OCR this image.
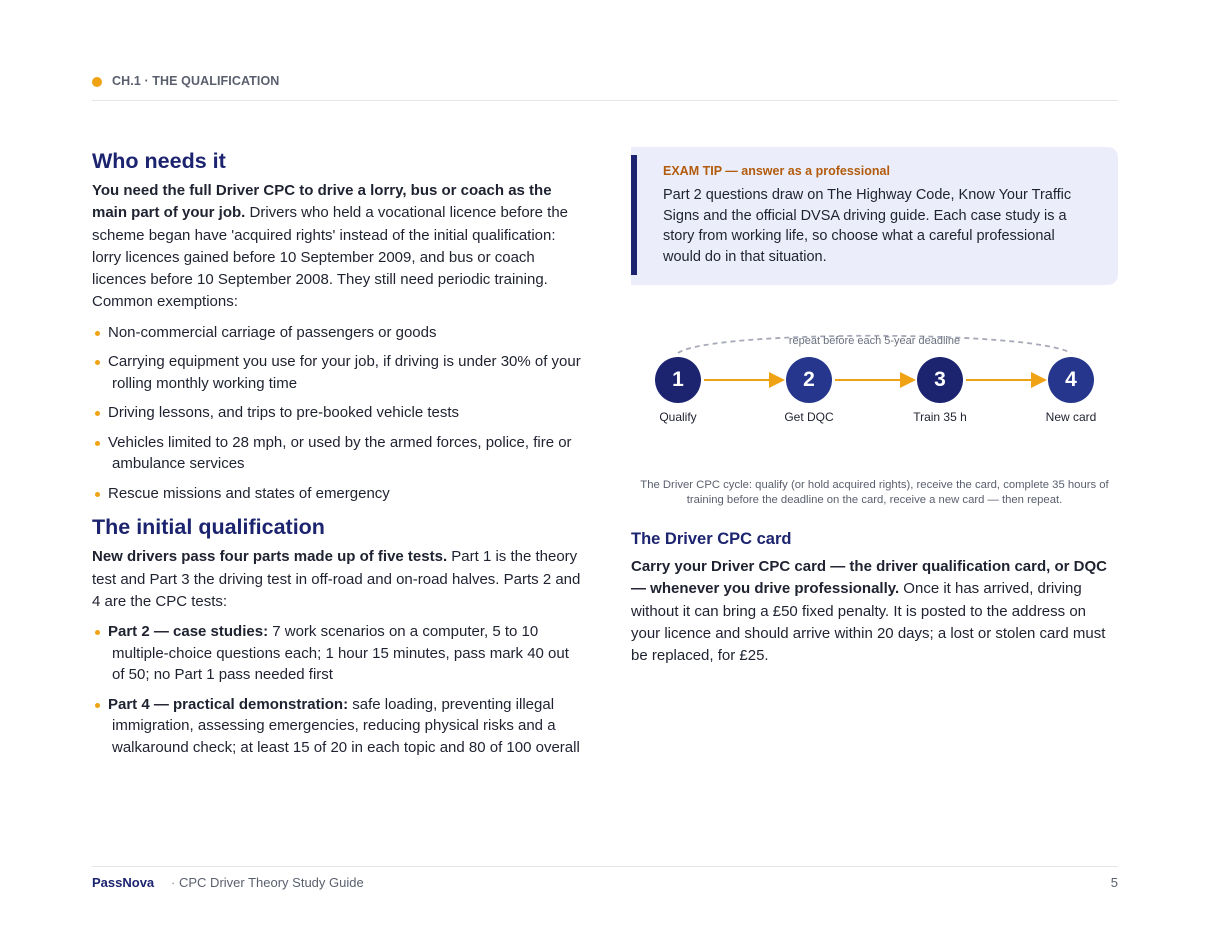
CH.1 · THE QUALIFICATION
Who needs it

You need the full Driver CPC to drive a lorry, bus or coach as the main part of your job. Drivers who held a vocational licence before the scheme began have 'acquired rights' instead of the initial qualification: lorry licences gained before 10 September 2009, and bus or coach licences before 10 September 2008. They still need periodic training. Common exemptions:

Non-commercial carriage of passengers or goods
Carrying equipment you use for your job, if driving is under 30% of your rolling monthly working time
Driving lessons, and trips to pre-booked vehicle tests
Vehicles limited to 28 mph, or used by the armed forces, police, fire or ambulance services
Rescue missions and states of emergency
The initial qualification

New drivers pass four parts made up of five tests. Part 1 is the theory test and Part 3 the driving test in off-road and on-road halves. Parts 2 and 4 are the CPC tests:

Part 2 — case studies: 7 work scenarios on a computer, 5 to 10 multiple-choice questions each; 1 hour 15 minutes, pass mark 40 out of 50; no Part 1 pass needed first
Part 4 — practical demonstration: safe loading, preventing illegal immigration, assessing emergencies, reducing physical risks and a walkaround check; at least 15 of 20 in each topic and 80 of 100 overall
EXAM TIP — answer as a professional
Part 2 questions draw on The Highway Code, Know Your Traffic Signs and the official DVSA driving guide. Each case study is a story from working life, so choose what a careful professional would do in that situation.
repeat before each 5-year deadline
1	2	3	4
Qualify	Get DQC	Train 35 h	New card
The Driver CPC cycle: qualify (or hold acquired rights), receive the card, complete 35 hours of training before the deadline on the card, receive a new card — then repeat.
The Driver CPC card

Carry your Driver CPC card — the driver qualification card, or DQC — whenever you drive professionally. Once it has arrived, driving without it can bring a £50 fixed penalty. It is posted to the address on your licence and should arrive within 20 days; a lost or stolen card must be replaced, for £25.

PassNova · CPC Driver Theory Study Guide	5
